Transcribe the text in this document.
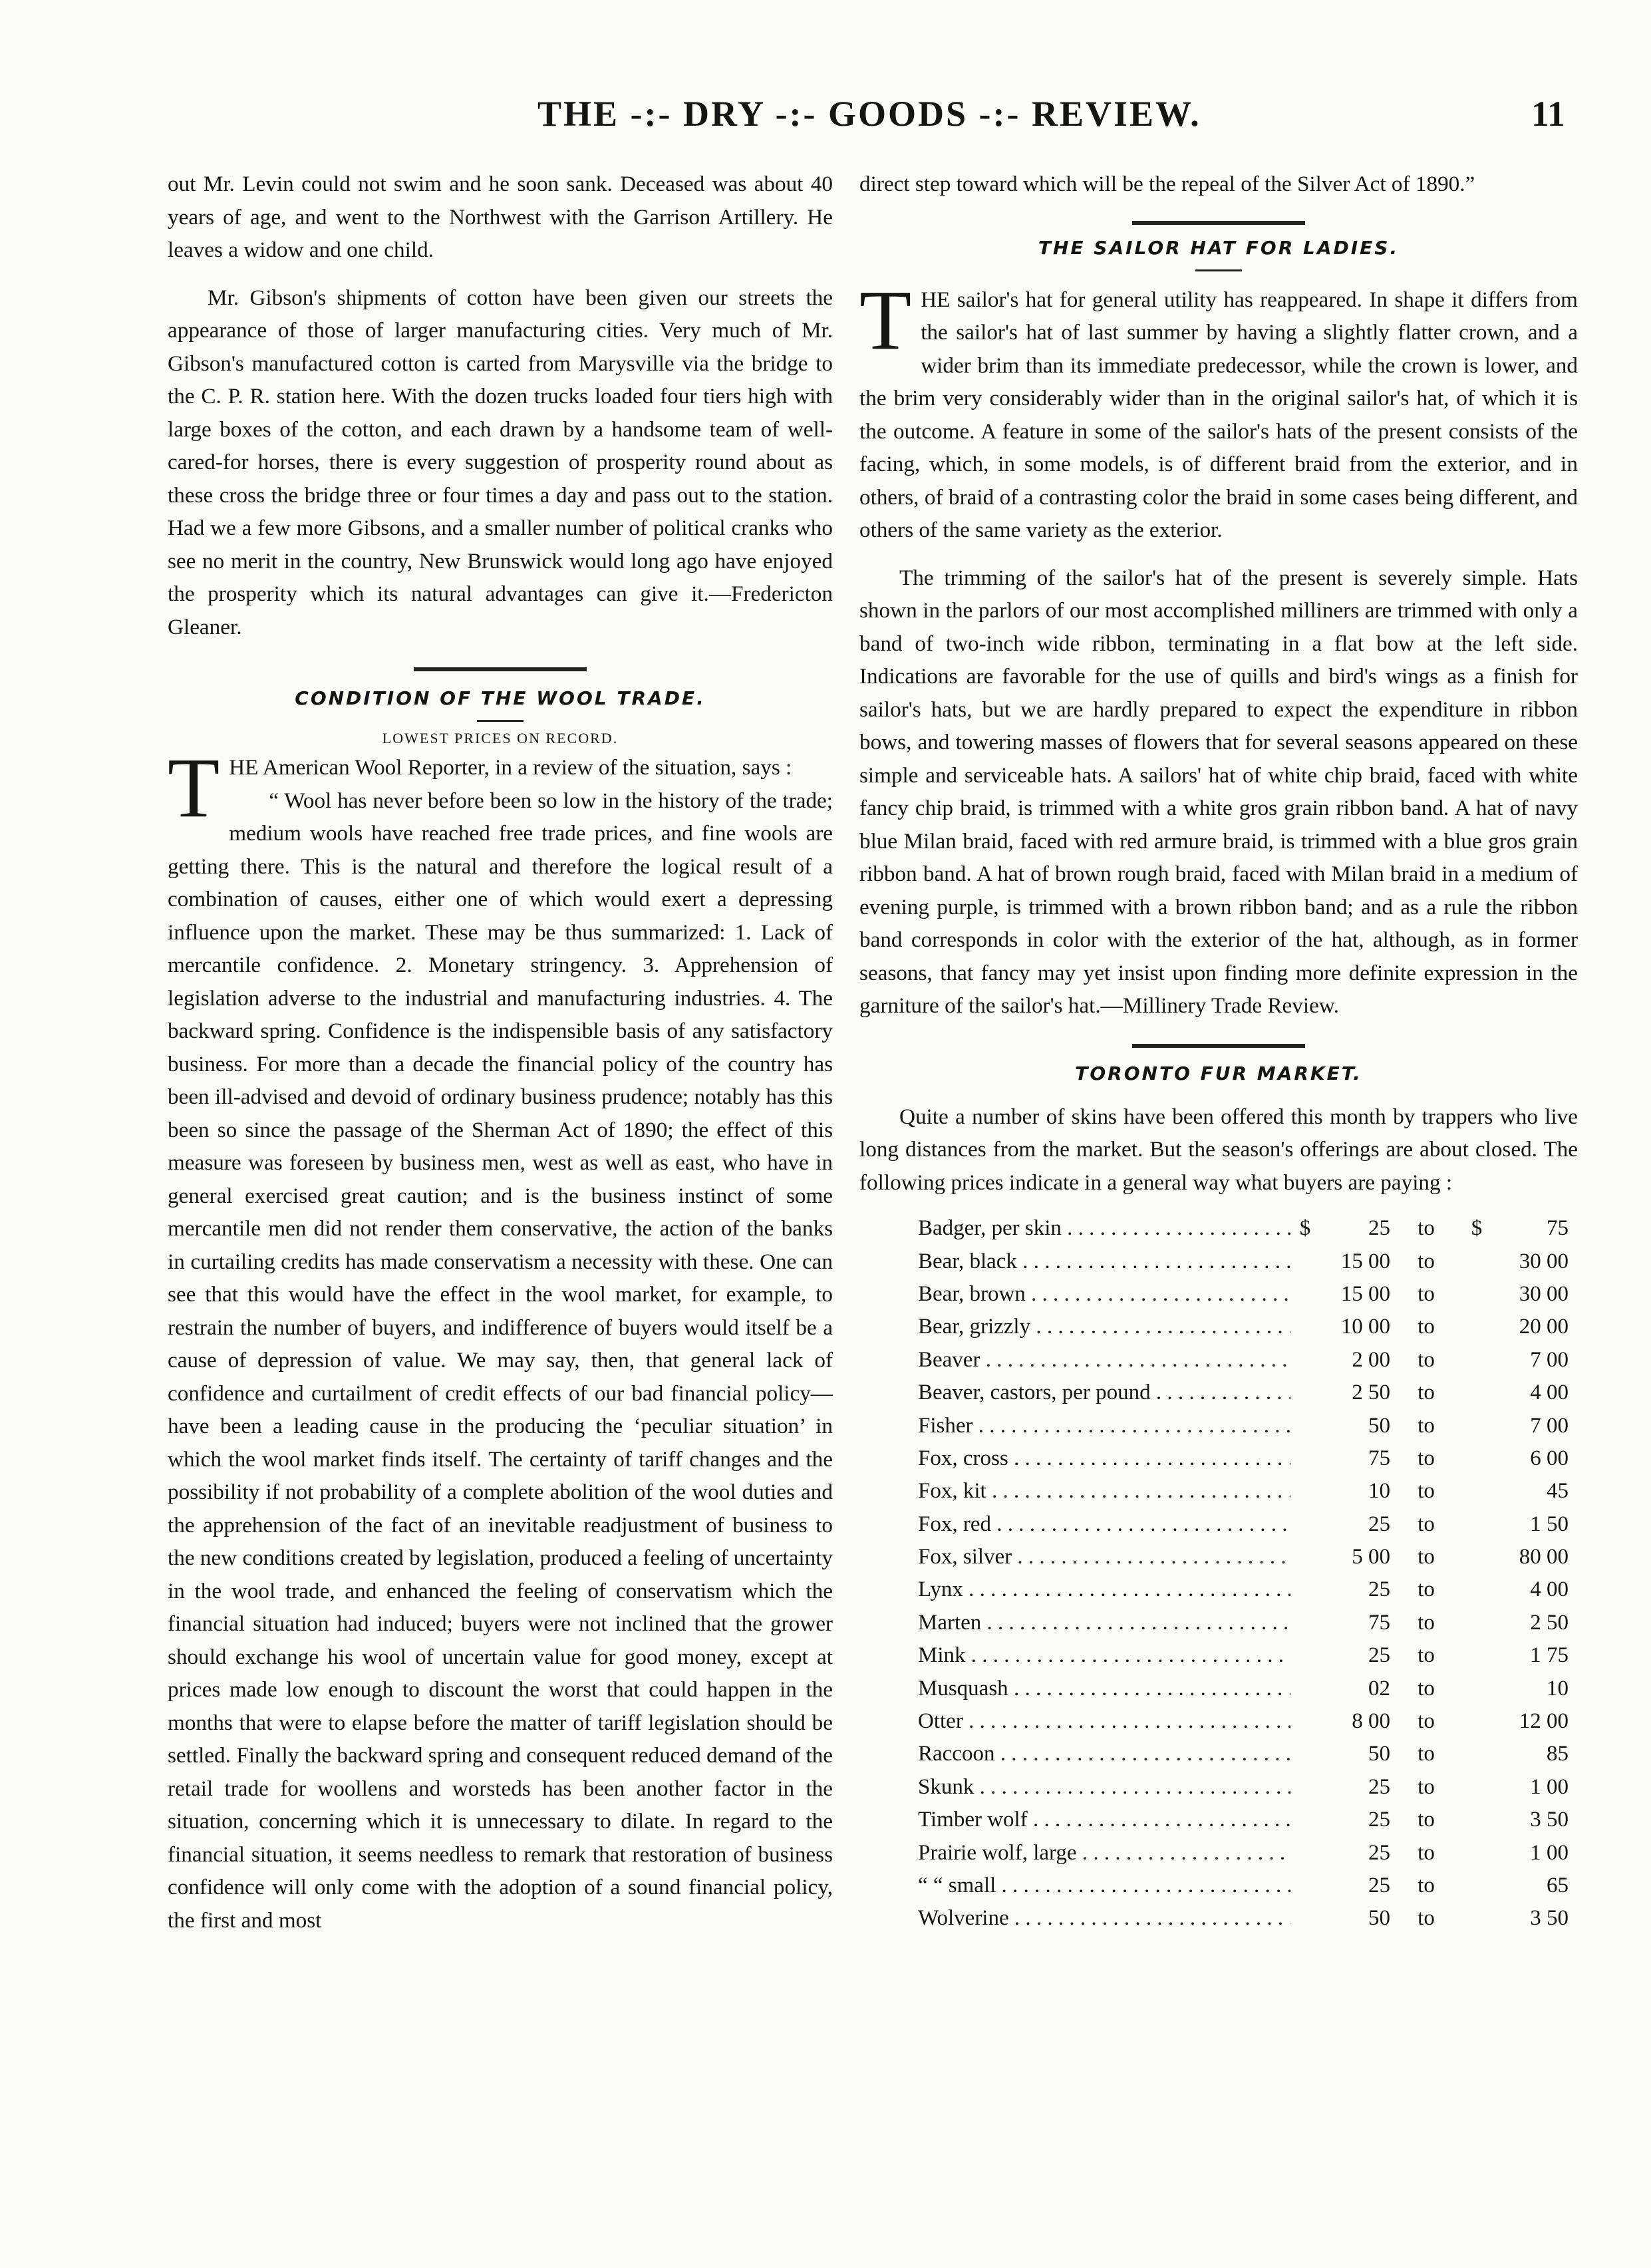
THE -:- DRY -:- GOODS -:- REVIEW.	11

out Mr. Levin could not swim and he soon sank. Deceased was about 40 years of age, and went to the Northwest with the Garrison Artillery. He leaves a widow and one child.

Mr. Gibson's shipments of cotton have been given our streets the appearance of those of larger manufacturing cities. Very much of Mr. Gibson's manufactured cotton is carted from Marysville via the bridge to the C. P. R. station here. With the dozen trucks loaded four tiers high with large boxes of the cotton, and each drawn by a handsome team of well-cared-for horses, there is every suggestion of prosperity round about as these cross the bridge three or four times a day and pass out to the station. Had we a few more Gibsons, and a smaller number of political cranks who see no merit in the country, New Brunswick would long ago have enjoyed the prosperity which its natural advantages can give it.—Fredericton Gleaner.

CONDITION OF THE WOOL TRADE.
LOWEST PRICES ON RECORD.
T HE American Wool Reporter, in a review of the situation, says :

“ Wool has never before been so low in the history of the trade; medium wools have reached free trade prices, and fine wools are getting there. This is the natural and therefore the logical result of a combination of causes, either one of which would exert a depressing influence upon the market. These may be thus summarized: 1. Lack of mercantile confidence. 2. Monetary stringency. 3. Apprehension of legislation adverse to the industrial and manufacturing industries. 4. The backward spring. Confidence is the indispensible basis of any satisfactory business. For more than a decade the financial policy of the country has been ill-advised and devoid of ordinary business prudence; notably has this been so since the passage of the Sherman Act of 1890; the effect of this measure was foreseen by business men, west as well as east, who have in general exercised great caution; and is the business instinct of some mercantile men did not render them conservative, the action of the banks in curtailing credits has made conservatism a necessity with these. One can see that this would have the effect in the wool market, for example, to restrain the number of buyers, and indifference of buyers would itself be a cause of depression of value. We may say, then, that general lack of confidence and curtailment of credit effects of our bad financial policy—have been a leading cause in the producing the ‘peculiar situation’ in which the wool market finds itself. The certainty of tariff changes and the possibility if not probability of a complete abolition of the wool duties and the apprehension of the fact of an inevitable readjustment of business to the new conditions created by legislation, produced a feeling of uncertainty in the wool trade, and enhanced the feeling of conservatism which the financial situation had induced; buyers were not inclined that the grower should exchange his wool of uncertain value for good money, except at prices made low enough to discount the worst that could happen in the months that were to elapse before the matter of tariff legislation should be settled. Finally the backward spring and consequent reduced demand of the retail trade for woollens and worsteds has been another factor in the situation, concerning which it is unnecessary to dilate. In regard to the financial situation, it seems needless to remark that restoration of business confidence will only come with the adoption of a sound financial policy, the first and most

direct step toward which will be the repeal of the Silver Act of 1890.”

THE SAILOR HAT FOR LADIES.
T HE sailor's hat for general utility has reappeared. In shape it differs from the sailor's hat of last summer by having a slightly flatter crown, and a wider brim than its immediate predecessor, while the crown is lower, and the brim very considerably wider than in the original sailor's hat, of which it is the outcome. A feature in some of the sailor's hats of the present consists of the facing, which, in some models, is of different braid from the exterior, and in others, of braid of a contrasting color the braid in some cases being different, and others of the same variety as the exterior.

The trimming of the sailor's hat of the present is severely simple. Hats shown in the parlors of our most accomplished milliners are trimmed with only a band of two-inch wide ribbon, terminating in a flat bow at the left side. Indications are favorable for the use of quills and bird's wings as a finish for sailor's hats, but we are hardly prepared to expect the expenditure in ribbon bows, and towering masses of flowers that for several seasons appeared on these simple and serviceable hats. A sailors' hat of white chip braid, faced with white fancy chip braid, is trimmed with a white gros grain ribbon band. A hat of navy blue Milan braid, faced with red armure braid, is trimmed with a blue gros grain ribbon band. A hat of brown rough braid, faced with Milan braid in a medium of evening purple, is trimmed with a brown ribbon band; and as a rule the ribbon band corresponds in color with the exterior of the hat, although, as in former seasons, that fancy may yet insist upon finding more definite expression in the garniture of the sailor's hat.—Millinery Trade Review.

TORONTO FUR MARKET.

Quite a number of skins have been offered this month by trappers who live long distances from the market. But the season's offerings are about closed. The following prices indicate in a general way what buyers are paying :

Badger, per skin . . .	$	25	to	$	75
Bear, black . . .	15 00	to	30 00
Bear, brown . . .	15 00	to	30 00
Bear, grizzly . . .	10 00	to	20 00
Beaver . . .	2 00	to	7 00
Beaver, castors, per pound . . .	2 50	to	4 00
Fisher . . .	50	to	7 00
Fox, cross . . .	75	to	6 00
Fox, kit . . .	10	to	45
Fox, red . . .	25	to	1 50
Fox, silver . . .	5 00	to	80 00
Lynx . . .	25	to	4 00
Marten . . .	75	to	2 50
Mink . . .	25	to	1 75
Musquash . . .	02	to	10
Otter . . .	8 00	to	12 00
Raccoon . . .	50	to	85
Skunk . . .	25	to	1 00
Timber wolf . . .	25	to	3 50
Prairie wolf, large . . .	25	to	1 00
“ “ small . . .	25	to	65
Wolverine . . .	50	to	3 50
